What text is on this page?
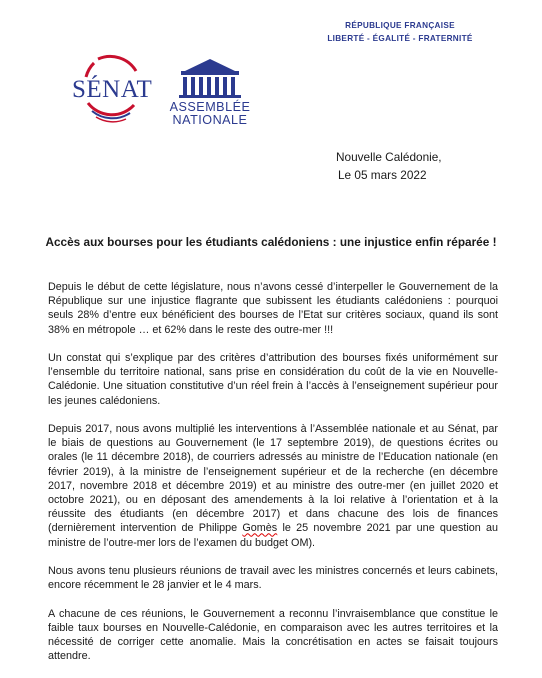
RÉPUBLIQUE FRANÇAISE
LIBERTÉ - ÉGALITÉ - FRATERNITÉ
SÉNAT
ASSEMBLÉE
NATIONALE
Nouvelle Calédonie,
Le 05 mars 2022
Accès aux bourses pour les étudiants calédoniens : une injustice enfin réparée !

Depuis le début de cette législature, nous n’avons cessé d’interpeller le Gouvernement de la République sur une injustice flagrante que subissent les étudiants calédoniens : pourquoi seuls 28% d’entre eux bénéficient des bourses de l’Etat sur critères sociaux, quand ils sont 38% en métropole … et 62% dans le reste des outre-mer !!!

Un constat qui s’explique par des critères d’attribution des bourses fixés uniformément sur l’ensemble du territoire national, sans prise en considération du coût de la vie en Nouvelle-Calédonie. Une situation constitutive d’un réel frein à l’accès à l’enseignement supérieur pour les jeunes calédoniens.

Depuis 2017, nous avons multiplié les interventions à l’Assemblée nationale et au Sénat, par le biais de questions au Gouvernement (le 17 septembre 2019), de questions écrites ou orales (le 11 décembre 2018), de courriers adressés au ministre de l’Education nationale (en février 2019), à la ministre de l’enseignement supérieur et de la recherche (en décembre 2017, novembre 2018 et décembre 2019) et au ministre des outre-mer (en juillet 2020 et octobre 2021), ou en déposant des amendements à la loi relative à l’orientation et à la réussite des étudiants (en décembre 2017) et dans chacune des lois de finances (dernièrement intervention de Philippe Gomès le 25 novembre 2021 par une question au ministre de l’outre-mer lors de l’examen du budget OM).

Nous avons tenu plusieurs réunions de travail avec les ministres concernés et leurs cabinets, encore récemment le 28 janvier et le 4 mars.

A chacune de ces réunions, le Gouvernement a reconnu l’invraisemblance que constitue le faible taux bourses en Nouvelle-Calédonie, en comparaison avec les autres territoires et la nécessité de corriger cette anomalie. Mais la concrétisation en actes se faisait toujours attendre.
